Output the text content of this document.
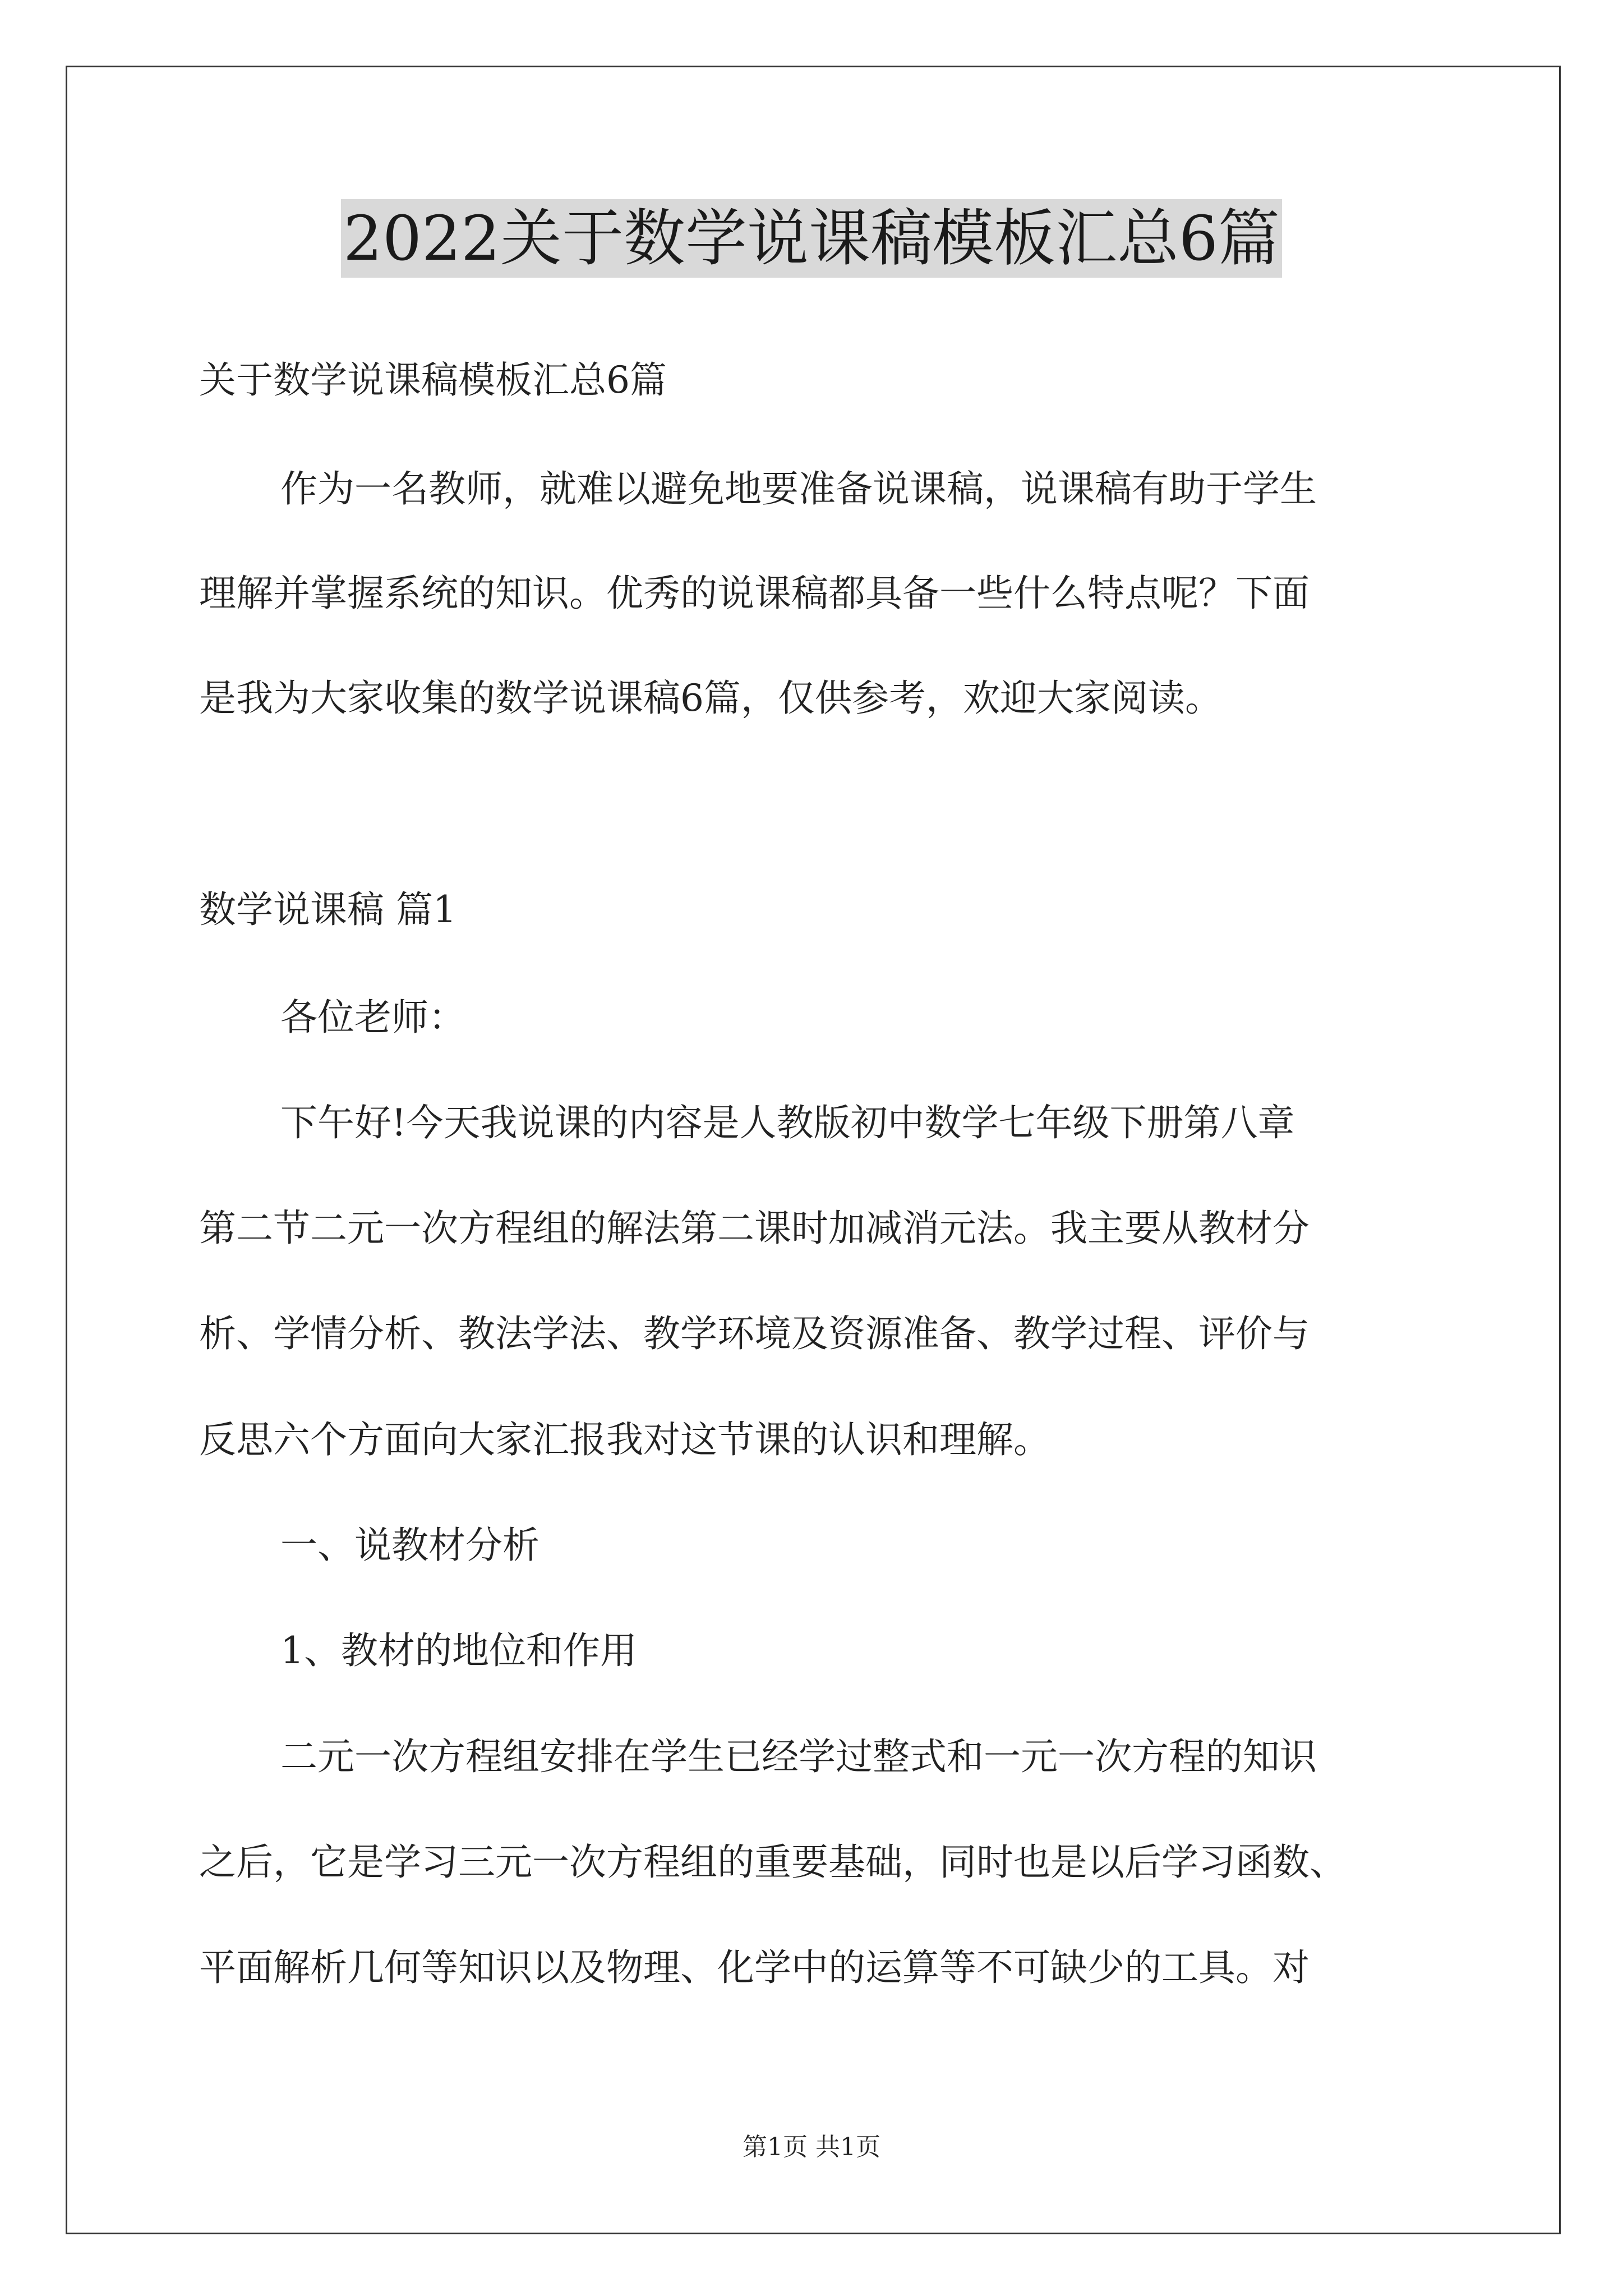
2022关于数学说课稿模板汇总6篇
关于数学说课稿模板汇总6篇
作为一名教师，就难以避免地要准备说课稿，说课稿有助于学生
理解并掌握系统的知识。优秀的说课稿都具备一些什么特点呢？下面
是我为大家收集的数学说课稿6篇，仅供参考，欢迎大家阅读。
数学说课稿 篇1
各位老师：
下午好!今天我说课的内容是人教版初中数学七年级下册第八章
第二节二元一次方程组的解法第二课时加减消元法。我主要从教材分
析、学情分析、教法学法、教学环境及资源准备、教学过程、评价与
反思六个方面向大家汇报我对这节课的认识和理解。
一、说教材分析
1、教材的地位和作用
二元一次方程组安排在学生已经学过整式和一元一次方程的知识
之后，它是学习三元一次方程组的重要基础，同时也是以后学习函数、
平面解析几何等知识以及物理、化学中的运算等不可缺少的工具。对
第1页 共1页
